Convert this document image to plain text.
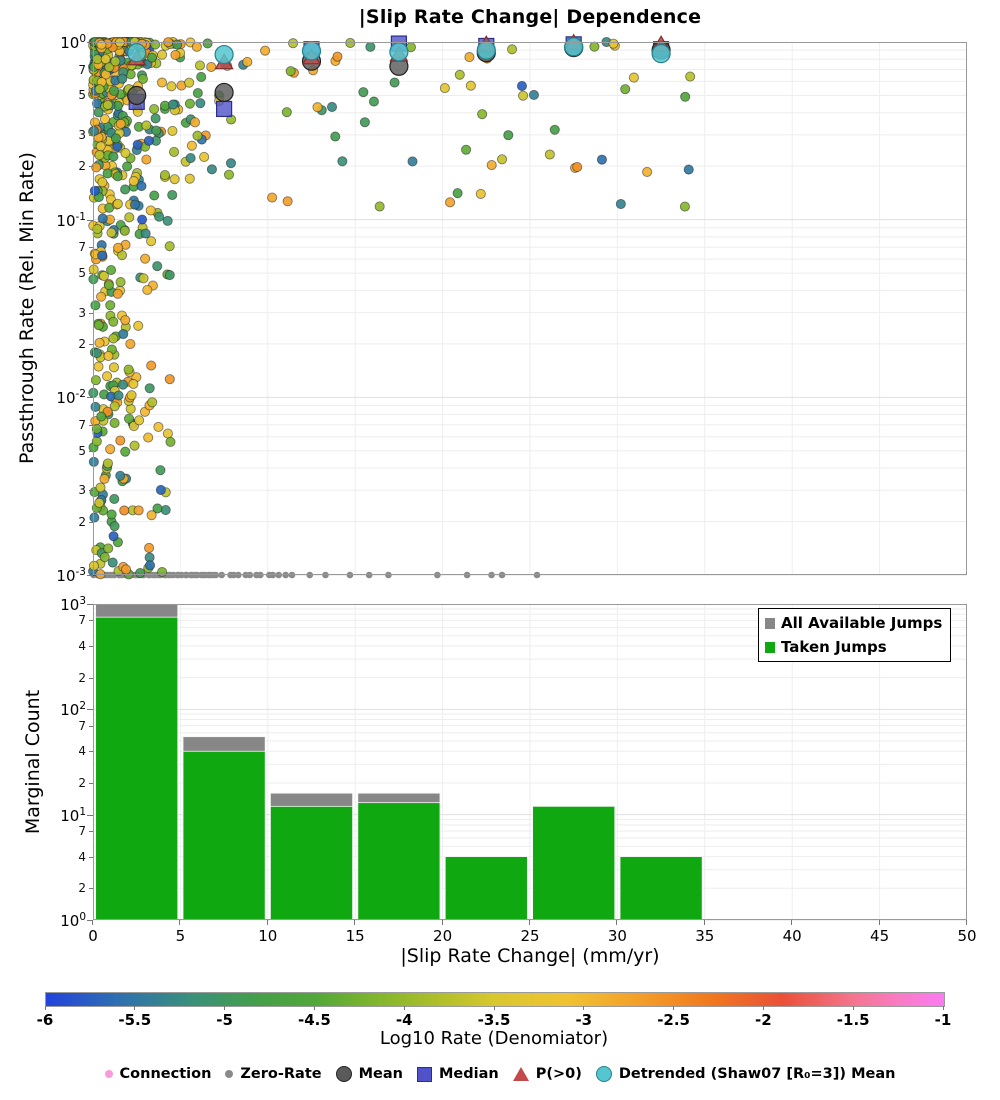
|Slip Rate Change| Dependence
Passthrough Rate (Rel. Min Rate)
Marginal Count
|Slip Rate Change| (mm/yr)
All Available Jumps
Taken Jumps
Log10 Rate (Denomiator)
Connection Zero-Rate	Mean Median	P(>0)	Detrended (Shaw07 [R₀=3]) Mean
$10^0$
7
5
3
2
$10^{-1}$
7
5
3
2
$10^{-2}$
7
5
3
2
$10^{-3}$
$10^3$
7
4
2
$10^2$
7
4
2
$10^1$
7
4
2
$10^0$
0	5	10	15	20	25	30	35	40	45	50
-6	-5.5	-5	-4.5	-4	-3.5	-3	-2.5	-2	-1.5	-1
